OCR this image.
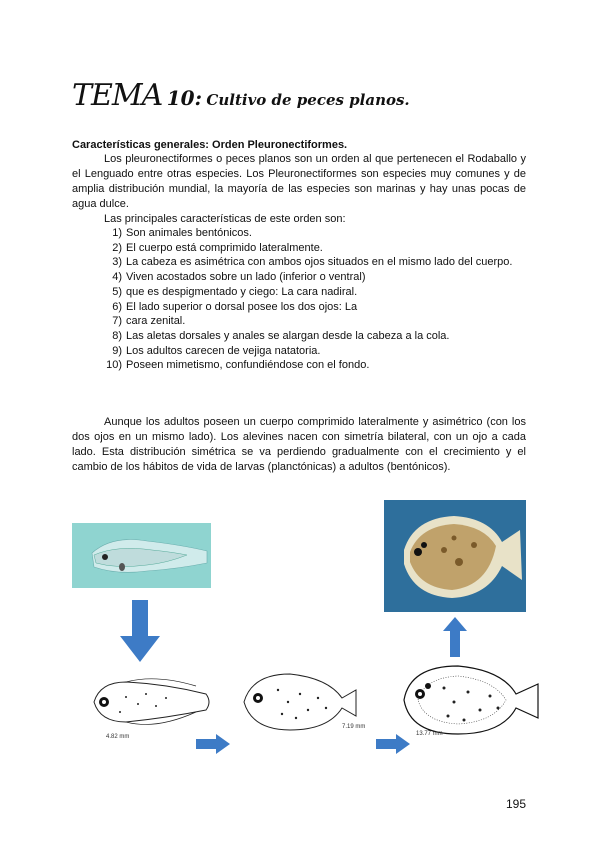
TEMA 10: Cultivo de peces planos.
Características generales: Orden Pleuronectiformes.
Los pleuronectiformes o peces planos son un orden al que pertenecen el Rodaballo y el Lenguado entre otras especies. Los Pleuronectiformes son especies muy comunes y de amplia distribución mundial, la mayoría de las especies son marinas y hay unas pocas de agua dulce.
Las principales características de este orden son:
1) Son animales bentónicos.
2) El cuerpo está comprimido lateralmente.
3) La cabeza es asimétrica con ambos ojos situados en el mismo lado del cuerpo.
4) Viven acostados sobre un lado (inferior o ventral)
5) que es despigmentado y ciego: La cara nadiral.
6) El lado superior o dorsal posee los dos ojos: La
7) cara zenital.
8) Las aletas dorsales y anales se alargan desde la cabeza a la cola.
9) Los adultos carecen de vejiga natatoria.
10) Poseen mimetismo, confundiéndose con el fondo.
Aunque los adultos poseen un cuerpo comprimido lateralmente y asimétrico (con los dos ojos en un mismo lado). Los alevines nacen con simetría bilateral, con un ojo a cada lado. Esta distribución simétrica se va perdiendo gradualmente con el crecimiento y el cambio de los hábitos de vida de larvas (planctónicas) a adultos (bentónicos).
4.82 mm
7.19 mm
13.77 mm
195
